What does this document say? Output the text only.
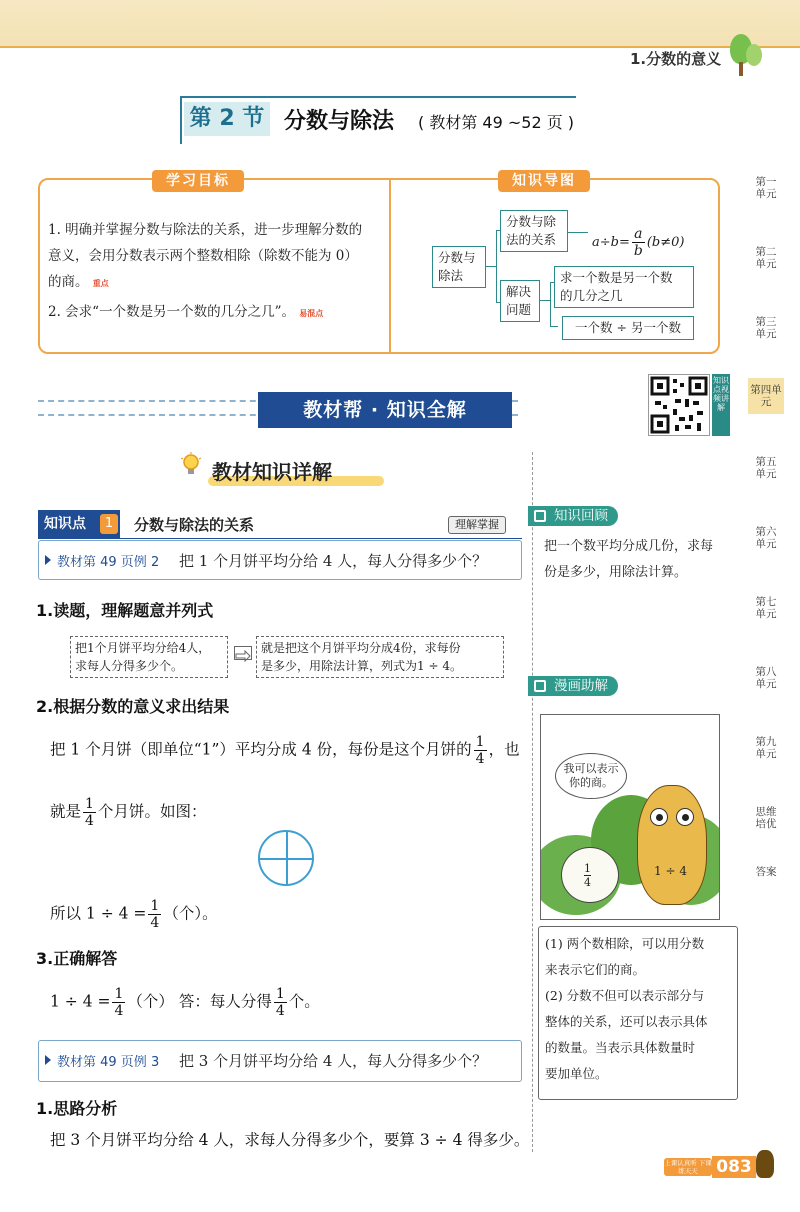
1.分数的意义
第 2 节 分数与除法 ( 教材第 49 ~52 页 )
学习目标	知识导图
1. 明确并掌握分数与除法的关系，进一步理解分数的
意义，会用分数表示两个整数相除（除数不能为 0）
的商。 重点
2. 会求“一个数是另一个数的几分之几”。 易混点
分数与
除法
分数与除
法的关系	$a\div b= \frac{a}{b} (b\ne 0)$
解决
问题
求一个数是另一个数
的几分之几
一个数 ÷ 另一个数
教材帮 · 知识全解
知识点视频讲解
第一单元
第二单元
第三单元
第四单元
第五单元
第六单元
第七单元
第八单元
第九单元
思维培优
答案
教材知识详解
知识点	1	分数与除法的关系	理解掌握
教材第 49 页例 2 把 1 个月饼平均分给 4 人，每人分得多少个？
1.读题，理解题意并列式
把1个月饼平均分给4人，
求每人分得多少个。
就是把这个月饼平均分成4份，求每份
是多少，用除法计算，列式为1 ÷ 4。
2.根据分数的意义求出结果
把 1 个月饼（即单位“1”）平均分成 4 份，每份是这个月饼的 $\frac{1}{4}$ ，也
就是 $\frac{1}{4}$ 个月饼。如图：
所以 $1 \div 4 = \frac{1}{4}$ （个）。
3.正确解答
$1 \div 4 = \frac{1}{4}$ （个） 答：每人分得 $\frac{1}{4}$ 个。
教材第 49 页例 3 把 3 个月饼平均分给 4 人，每人分得多少个？
1.思路分析
把 3 个月饼平均分给 4 人，求每人分得多少个，要算 3 ÷ 4 得多少。
知识回顾
把一个数平均分成几份，求每
份是多少，用除法计算。
漫画助解
我可以表示
你的商。
1
4
1 ÷ 4

(1) 两个数相除，可以用分数

来表示它们的商。

(2) 分数不但可以表示部分与

整体的关系，还可以表示具体

的数量。当表示具体数量时

要加单位。

上课认真听 下课练天天	083
